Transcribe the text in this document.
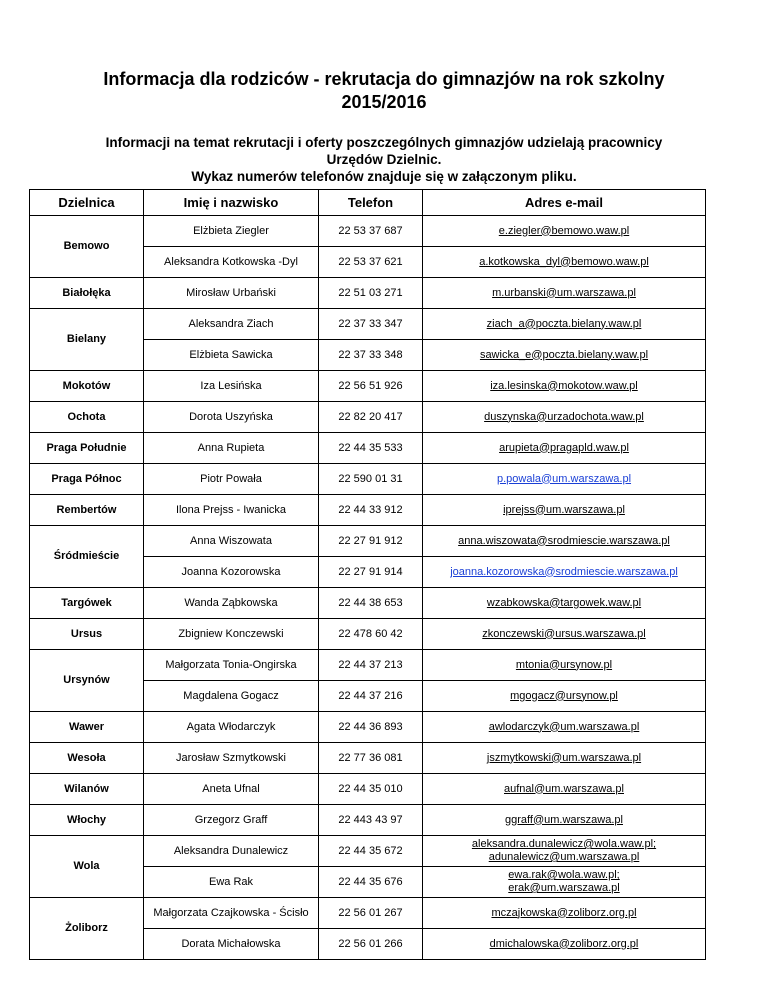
Informacja dla rodziców - rekrutacja do gimnazjów na rok szkolny
2015/2016
Informacji na temat rekrutacji i oferty poszczególnych gimnazjów udzielają pracownicy
Urzędów Dzielnic.
Wykaz numerów telefonów znajduje się w załączonym pliku.
Dzielnica	Imię i nazwisko	Telefon	Adres e-mail
Bemowo	Elżbieta Ziegler	22 53 37 687	e.ziegler@bemowo.waw.pl
	Aleksandra Kotkowska -Dyl	22 53 37 621	a.kotkowska_dyl@bemowo.waw.pl
Białołęka	Mirosław Urbański	22 51 03 271	m.urbanski@um.warszawa.pl
Bielany	Aleksandra Ziach	22 37 33 347	ziach_a@poczta.bielany.waw.pl
	Elżbieta Sawicka	22 37 33 348	sawicka_e@poczta.bielany.waw.pl
Mokotów	Iza Lesińska	22 56 51 926	iza.lesinska@mokotow.waw.pl
Ochota	Dorota Uszyńska	22 82 20 417	duszynska@urzadochota.waw.pl
Praga Południe	Anna Rupieta	22 44 35 533	arupieta@pragapld.waw.pl
Praga Północ	Piotr Powała	22 590 01 31	p.powala@um.warszawa.pl
Rembertów	Ilona Prejss - Iwanicka	22 44 33 912	iprejss@um.warszawa.pl
Śródmieście	Anna Wiszowata	22 27 91 912	anna.wiszowata@srodmiescie.warszawa.pl
	Joanna Kozorowska	22 27 91 914	joanna.kozorowska@srodmiescie.warszawa.pl
Targówek	Wanda Ząbkowska	22 44 38 653	wzabkowska@targowek.waw.pl
Ursus	Zbigniew Konczewski	22 478 60 42	zkonczewski@ursus.warszawa.pl
Ursynów	Małgorzata Tonia-Ongirska	22 44 37 213	mtonia@ursynow.pl
	Magdalena Gogacz	22 44 37 216	mgogacz@ursynow.pl
Wawer	Agata Włodarczyk	22 44 36 893	awlodarczyk@um.warszawa.pl
Wesoła	Jarosław Szmytkowski	22 77 36 081	jszmytkowski@um.warszawa.pl
Wilanów	Aneta Ufnal	22 44 35 010	aufnal@um.warszawa.pl
Włochy	Grzegorz Graff	22 443 43 97	ggraff@um.warszawa.pl
Wola	Aleksandra Dunalewicz	22 44 35 672	aleksandra.dunalewicz@wola.waw.pl; adunalewicz@um.warszawa.pl
	Ewa Rak	22 44 35 676	ewa.rak@wola.waw.pl; erak@um.warszawa.pl
Żoliborz	Małgorzata Czajkowska - Ścisło	22 56 01 267	mczajkowska@zoliborz.org.pl
	Dorata Michałowska	22 56 01 266	dmichalowska@zoliborz.org.pl
